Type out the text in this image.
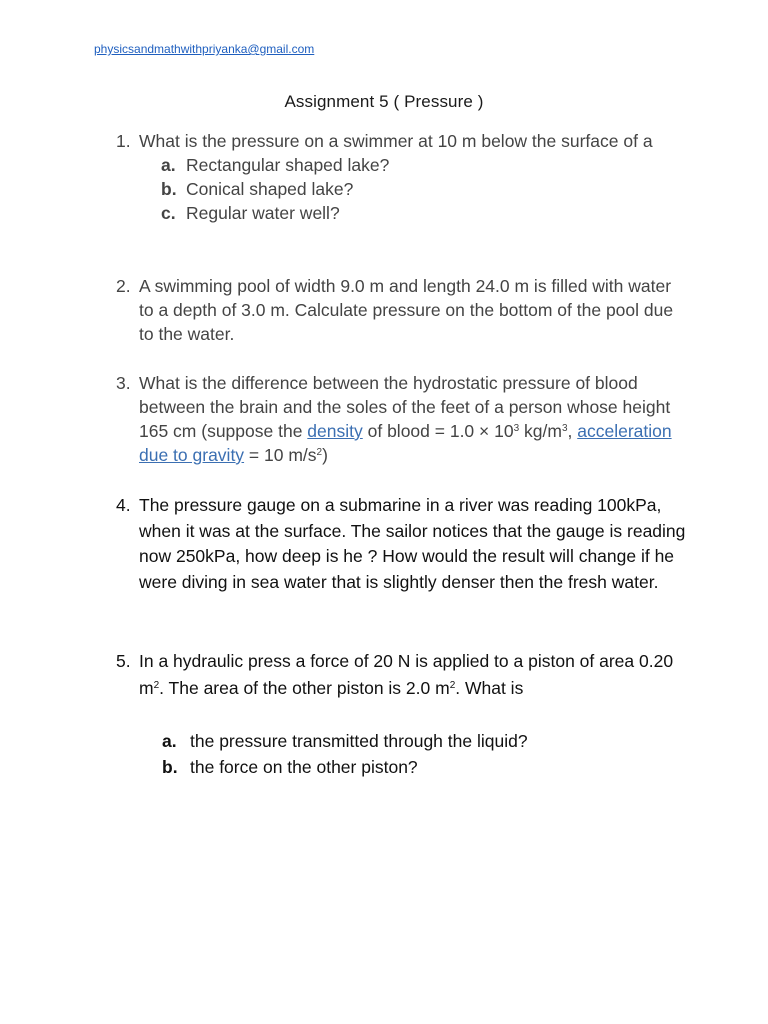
physicsandmathwithpriyanka@gmail.com
Assignment 5 ( Pressure )
1. What is the pressure on a swimmer at 10 m below the surface of a
a. Rectangular shaped lake?
b. Conical shaped lake?
c. Regular water well?
2. A swimming pool of width 9.0 m and length 24.0 m is filled with water to a depth of 3.0 m. Calculate pressure on the bottom of the pool due to the water.
3. What is the difference between the hydrostatic pressure of blood between the brain and the soles of the feet of a person whose height 165 cm (suppose the density of blood = $1.0 \times 10^3$ $kg/m^3$, acceleration due to gravity = 10 $m/s^2$)
4. The pressure gauge on a submarine in a river was reading 100kPa, when it was at the surface. The sailor notices that the gauge is reading now 250kPa, how deep is he ? How would the result will change if he were diving in sea water that is slightly denser then the fresh water.
5. In a hydraulic press a force of 20 N is applied to a piston of area 0.20 $m^2$. The area of the other piston is 2.0 $m^2$. What is
a. the pressure transmitted through the liquid?
b. the force on the other piston?
